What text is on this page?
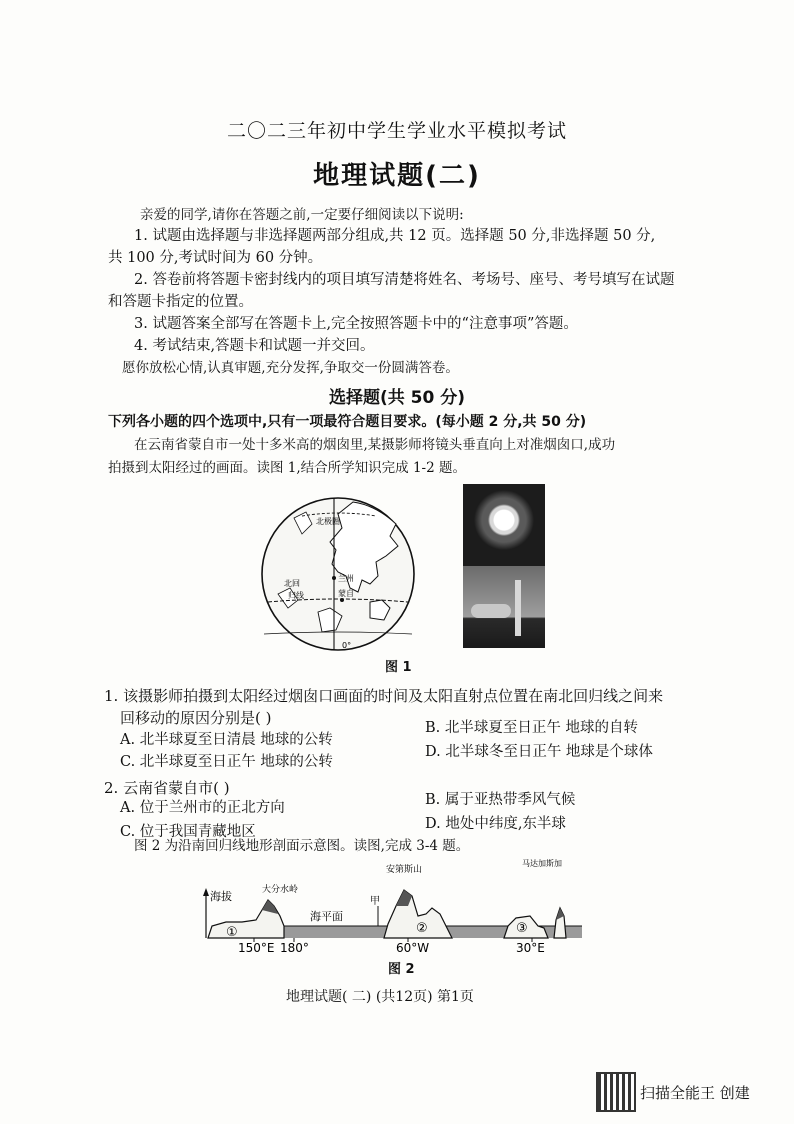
二〇二三年初中学生学业水平模拟考试
地理试题(二)
亲爱的同学,请你在答题之前,一定要仔细阅读以下说明:
1. 试题由选择题与非选择题两部分组成,共 12 页。选择题 50 分,非选择题 50 分,
共 100 分,考试时间为 60 分钟。
2. 答卷前将答题卡密封线内的项目填写清楚将姓名、考场号、座号、考号填写在试题
和答题卡指定的位置。
3. 试题答案全部写在答题卡上,完全按照答题卡中的“注意事项”答题。
4. 考试结束,答题卡和试题一并交回。
愿你放松心情,认真审题,充分发挥,争取交一份圆满答卷。
选择题(共 50 分)
下列各小题的四个选项中,只有一项最符合题目要求。(每小题 2 分,共 50 分)
在云南省蒙自市一处十多米高的烟囱里,某摄影师将镜头垂直向上对准烟囱口,成功
拍摄到太阳经过的画面。读图 1,结合所学知识完成 1-2 题。
北极圈
兰州
蒙自
北回
归线
0°
图 1
1. 该摄影师拍摄到太阳经过烟囱口画面的时间及太阳直射点位置在南北回归线之间来
回移动的原因分别是( )
A. 北半球夏至日清晨 地球的公转
B. 北半球夏至日正午 地球的自转
C. 北半球夏至日正午 地球的公转
D. 北半球冬至日正午 地球是个球体
2. 云南省蒙自市( )
A. 位于兰州市的正北方向	B. 属于亚热带季风气候
C. 位于我国青藏地区	D. 地处中纬度,东半球
图 2 为沿南回归线地形剖面示意图。读图,完成 3-4 题。
海拔	大分水岭
海平面
甲
安第斯山
马达加斯加
①	②	③
150°E 180°	60°W	30°E
图 2
地理试题( 二) (共12页) 第1页
扫描全能王 创建
